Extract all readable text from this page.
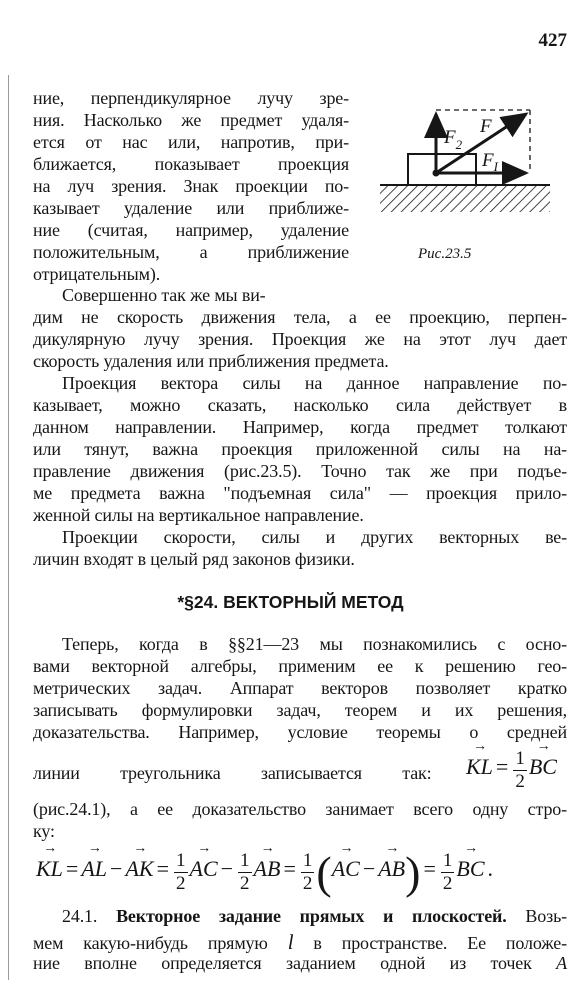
427
ние, перпендикулярное лучу зре-
ния. Насколько же предмет удаля-
ется от нас или, напротив, при-
ближается, показывает проекция
на луч зрения. Знак проекции по-
казывает удаление или приближе-
ние (считая, например, удаление
положительным, а приближение
отрицательным).
$F_2$
F
$F_I$
Рис.23.5
Совершенно так же мы ви-
дим не скорость движения тела, а ее проекцию, перпен-
дикулярную лучу зрения. Проекция же на этот луч дает
скорость удаления или приближения предмета.
Проекция вектора силы на данное направление по-
казывает, можно сказать, насколько сила действует в
данном направлении. Например, когда предмет толкают
или тянут, важна проекция приложенной силы на на-
правление движения (рис.23.5). Точно так же при подъе-
ме предмета важна "подъемная сила" — проекция прило-
женной силы на вертикальное направление.
Проекции скорости, силы и других векторных ве-
личин входят в целый ряд законов физики.
*§24. ВЕКТОРНЫЙ МЕТОД
Теперь, когда в §§21—23 мы познакомились с осно-
вами векторной алгебры, применим ее к решению гео-
метрических задач. Аппарат векторов позволяет кратко
записывать формулировки задач, теорем и их решения,
доказательства. Например, условие теоремы о средней
линии треугольника записывается так: → KL = $\frac{1}{2}$ → BC
(рис.24.1), а ее доказательство занимает всего одну стро-
ку:
→ KL = → AL − → AK = $\frac{1}{2}$ → AC − $\frac{1}{2}$ → AB = $\frac{1}{2}$ (→ AC − → $AB) = \frac{1}{2}$ → BC .
24.1. Векторное задание прямых и плоскостей. Возь-
мем какую-нибудь прямую l в пространстве. Ее положе-
ние вполне определяется заданием одной из точек A
